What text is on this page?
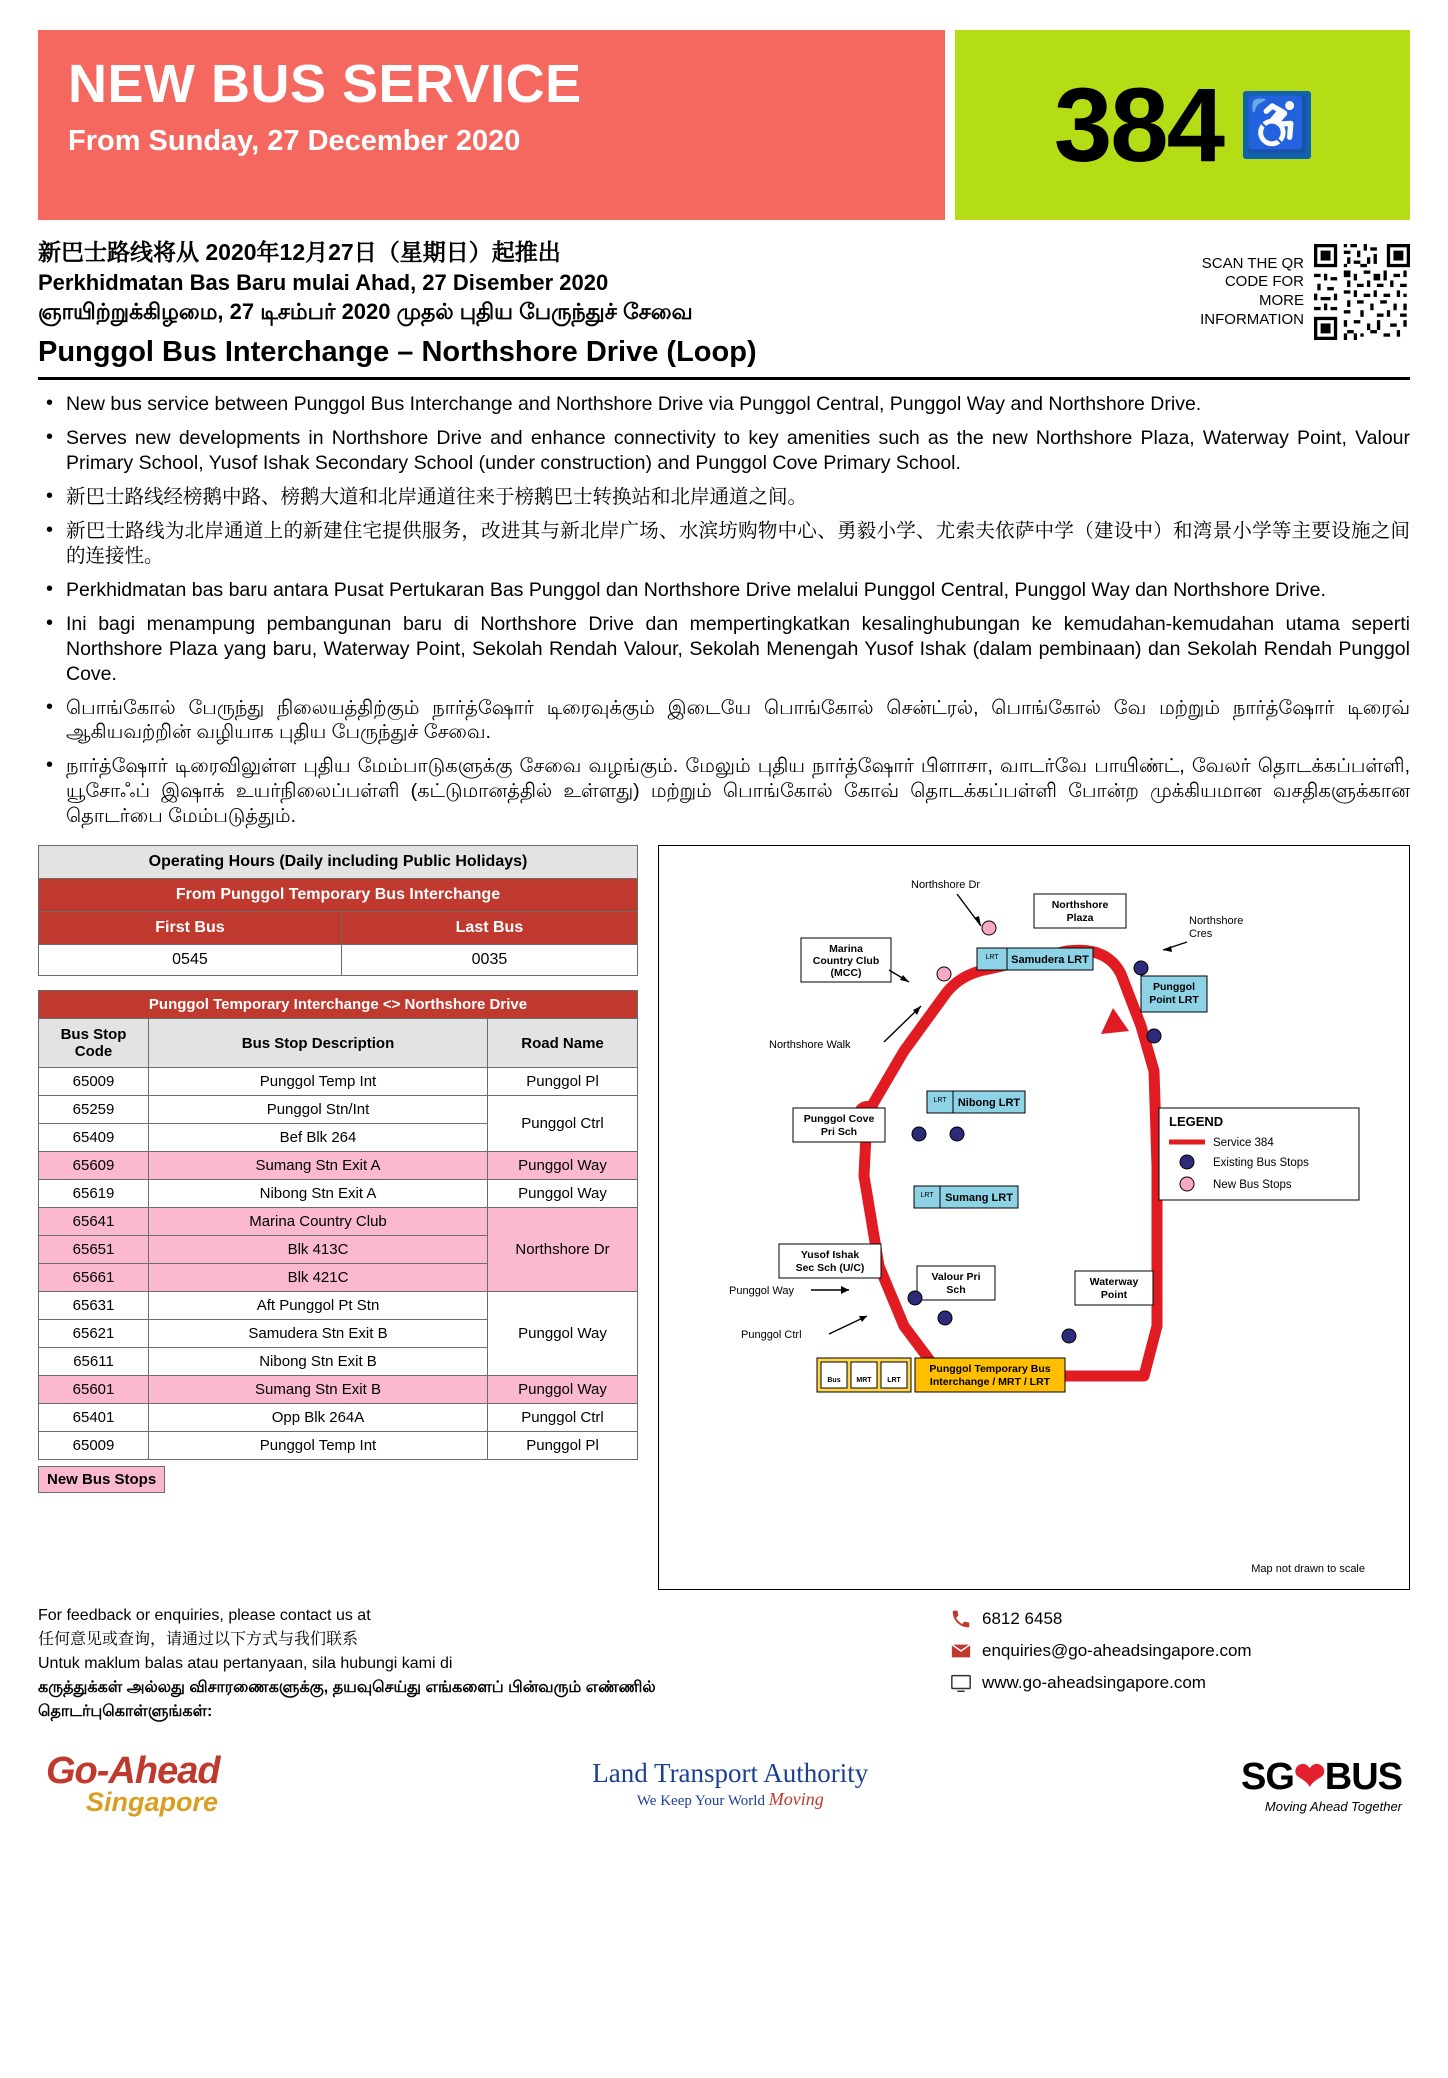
NEW BUS SERVICE
From Sunday, 27 December 2020	384 ♿
新巴士路线将从 2020年12月27日（星期日）起推出
Perkhidmatan Bas Baru mulai Ahad, 27 Disember 2020
ஞாயிற்றுக்கிழமை, 27 டிசம்பர் 2020 முதல் புதிய பேருந்துச் சேவை
Punggol Bus Interchange – Northshore Drive (Loop)
SCAN THE QR
CODE FOR
MORE
INFORMATION
• New bus service between Punggol Bus Interchange and Northshore Drive via Punggol Central, Punggol Way and Northshore Drive.
• Serves new developments in Northshore Drive and enhance connectivity to key amenities such as the new Northshore Plaza, Waterway Point, Valour Primary School, Yusof Ishak Secondary School (under construction) and Punggol Cove Primary School.
• 新巴士路线经榜鹅中路、榜鹅大道和北岸通道往来于榜鹅巴士转换站和北岸通道之间。
• 新巴士路线为北岸通道上的新建住宅提供服务，改进其与新北岸广场、水滨坊购物中心、勇毅小学、尤索夫依萨中学（建设中）和湾景小学等主要设施之间的连接性。
• Perkhidmatan bas baru antara Pusat Pertukaran Bas Punggol dan Northshore Drive melalui Punggol Central, Punggol Way dan Northshore Drive.
• Ini bagi menampung pembangunan baru di Northshore Drive dan mempertingkatkan kesalinghubungan ke kemudahan-kemudahan utama seperti Northshore Plaza yang baru, Waterway Point, Sekolah Rendah Valour, Sekolah Menengah Yusof Ishak (dalam pembinaan) dan Sekolah Rendah Punggol Cove.
• பொங்கோல் பேருந்து நிலையத்திற்கும் நார்த்ஷோர் டிரைவுக்கும் இடையே பொங்கோல் சென்ட்ரல், பொங்கோல் வே மற்றும் நார்த்ஷோர் டிரைவ் ஆகியவற்றின் வழியாக புதிய பேருந்துச் சேவை.
• நார்த்ஷோர் டிரைவிலுள்ள புதிய மேம்பாடுகளுக்கு சேவை வழங்கும். மேலும் புதிய நார்த்ஷோர் பிளாசா, வாடர்வே பாயிண்ட், வேலர் தொடக்கப்பள்ளி, யூசோஃப் இஷாக் உயர்நிலைப்பள்ளி (கட்டுமானத்தில் உள்ளது) மற்றும் பொங்கோல் கோவ் தொடக்கப்பள்ளி போன்ற முக்கியமான வசதிகளுக்கான தொடர்பை மேம்படுத்தும்.
Operating Hours (Daily including Public Holidays)	
From Punggol Temporary Bus Interchange	
First Bus	Last Bus
0545	0035
Punggol Temporary Interchange <> Northshore Drive		
Bus Stop Code	Bus Stop Description	Road Name
65009	Punggol Temp Int	Punggol Pl
65259	Punggol Stn/Int	Punggol Ctrl
65409	Bef Blk 264	
65609	Sumang Stn Exit A	Punggol Way
65619	Nibong Stn Exit A	Punggol Way
65641	Marina Country Club	Northshore Dr
65651	Blk 413C	
65661	Blk 421C	
65631	Aft Punggol Pt Stn	Punggol Way
65621	Samudera Stn Exit B	
65611	Nibong Stn Exit B	
65601	Sumang Stn Exit B	Punggol Way
65401	Opp Blk 264A	Punggol Ctrl
65009	Punggol Temp Int	Punggol Pl
New Bus Stops
Northshore Dr
Northshore
Plaza	Northshore
Cres
Marina
Country Club
(MCC)
Samudera LRT
LRT
Punggol
Point LRT
Northshore Walk
Nibong LRT
LRT
Punggol Cove
Pri Sch
Sumang LRT
LRT
Yusof Ishak
Sec Sch (U/C)
Valour Pri
Sch
Punggol Way
Punggol Ctrl
Waterway
Point
Bus MRT LRT
Punggol Temporary Bus
Interchange / MRT / LRT
LEGEND
Service 384
Existing Bus Stops
New Bus Stops
Map not drawn to scale
For feedback or enquiries, please contact us at
任何意见或查询，请通过以下方式与我们联系
Untuk maklum balas atau pertanyaan, sila hubungi kami di
கருத்துக்கள் அல்லது விசாரணைகளுக்கு, தயவுசெய்து எங்களைப் பின்வரும் எண்ணில்
தொடர்புகொள்ளுங்கள்:
6812 6458
enquiries@go-aheadsingapore.com
www.go-aheadsingapore.com
Go-Ahead
Singapore
Land Transport Authority
We Keep Your World Moving
SG❤BUS
Moving Ahead Together
